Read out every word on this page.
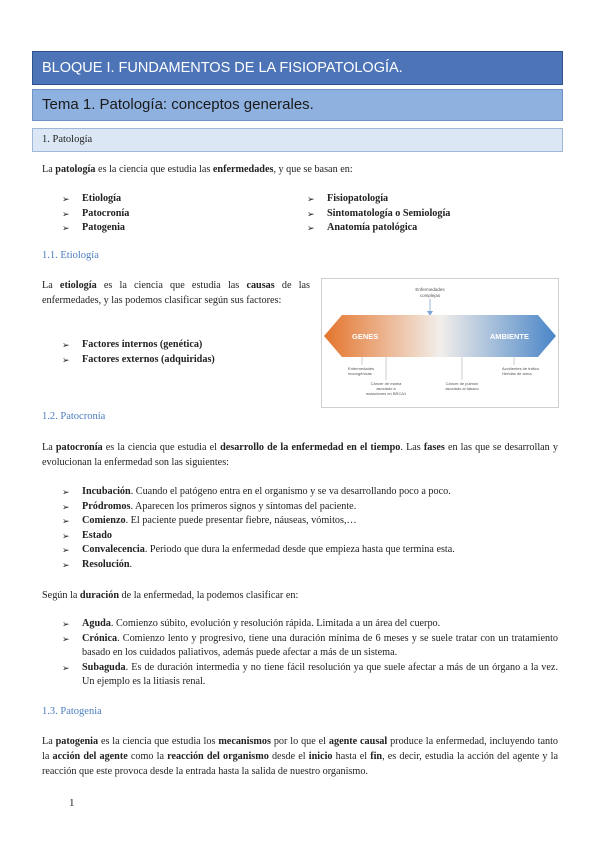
BLOQUE I. FUNDAMENTOS DE LA FISIOPATOLOGÍA.
Tema 1. Patología: conceptos generales.
1. Patología
La patología es la ciencia que estudia las enfermedades, y que se basan en:
➢ Etiología
➢ Patocronía
➢ Patogenia
➢ Fisiopatología
➢ Sintomatología o Semiología
➢ Anatomía patológica
1.1. Etiología
La etiología es la ciencia que estudia las causas de las enfermedades, y las podemos clasificar según sus factores:
➢ Factores internos (genética)
➢ Factores externos (adquiridas)
Enfermedades
complejas
GENES	AMBIENTE
Enfermedades
monogénicas
Cáncer de mama
asociado a
mutaciones en BRCA1
Cáncer de pulmón
asociado al tabaco
Accidentes de tráfico
Heridas de arma
1.2. Patocronía
La patocronía es la ciencia que estudia el desarrollo de la enfermedad en el tiempo. Las fases en las que se desarrollan y evolucionan la enfermedad son las siguientes:
➢ Incubación. Cuando el patógeno entra en el organismo y se va desarrollando poco a poco.
➢ Pródromos. Aparecen los primeros signos y síntomas del paciente.
➢ Comienzo. El paciente puede presentar fiebre, náuseas, vómitos,…
➢ Estado
➢ Convalecencia. Periodo que dura la enfermedad desde que empieza hasta que termina esta.
➢ Resolución.
Según la duración de la enfermedad, la podemos clasificar en:
➢ Aguda. Comienzo súbito, evolución y resolución rápida. Limitada a un área del cuerpo.
➢ Crónica. Comienzo lento y progresivo, tiene una duración mínima de 6 meses y se suele tratar con un tratamiento basado en los cuidados paliativos, además puede afectar a más de un sistema.
➢ Subaguda. Es de duración intermedia y no tiene fácil resolución ya que suele afectar a más de un órgano a la vez. Un ejemplo es la litiasis renal.
1.3. Patogenia
La patogenia es la ciencia que estudia los mecanismos por lo que el agente causal produce la enfermedad, incluyendo tanto la acción del agente como la reacción del organismo desde el inicio hasta el fin, es decir, estudia la acción del agente y la reacción que este provoca desde la entrada hasta la salida de nuestro organismo.
1
